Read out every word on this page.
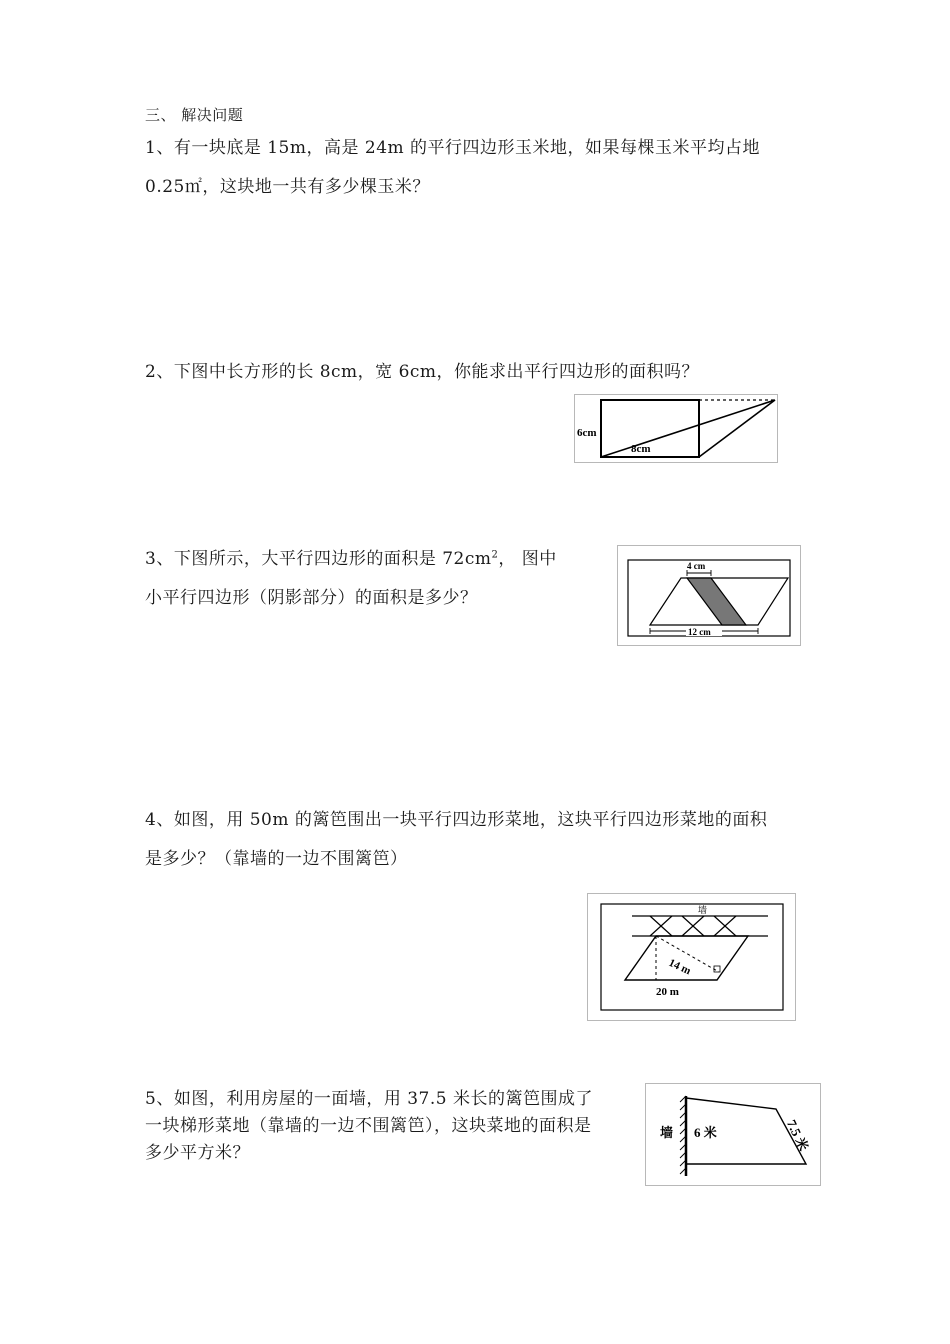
三、 解决问题
1、有一块底是 15m，高是 24m 的平行四边形玉米地，如果每棵玉米平均占地
0.25㎡，这块地一共有多少棵玉米？
2、下图中长方形的长 8cm，宽 6cm，你能求出平行四边形的面积吗？
6cm
8cm
3、下图所示，大平行四边形的面积是 $72cm^2$， 图中
小平行四边形（阴影部分）的面积是多少？
4 cm
12 cm
4、如图，用 50m 的篱笆围出一块平行四边形菜地，这块平行四边形菜地的面积
是多少？（靠墙的一边不围篱笆）
墙
14 m
20 m
5、如图，利用房屋的一面墙，用 37.5 米长的篱笆围成了
一块梯形菜地（靠墙的一边不围篱笆），这块菜地的面积是
多少平方米？
墙 6 米	7.5 米
